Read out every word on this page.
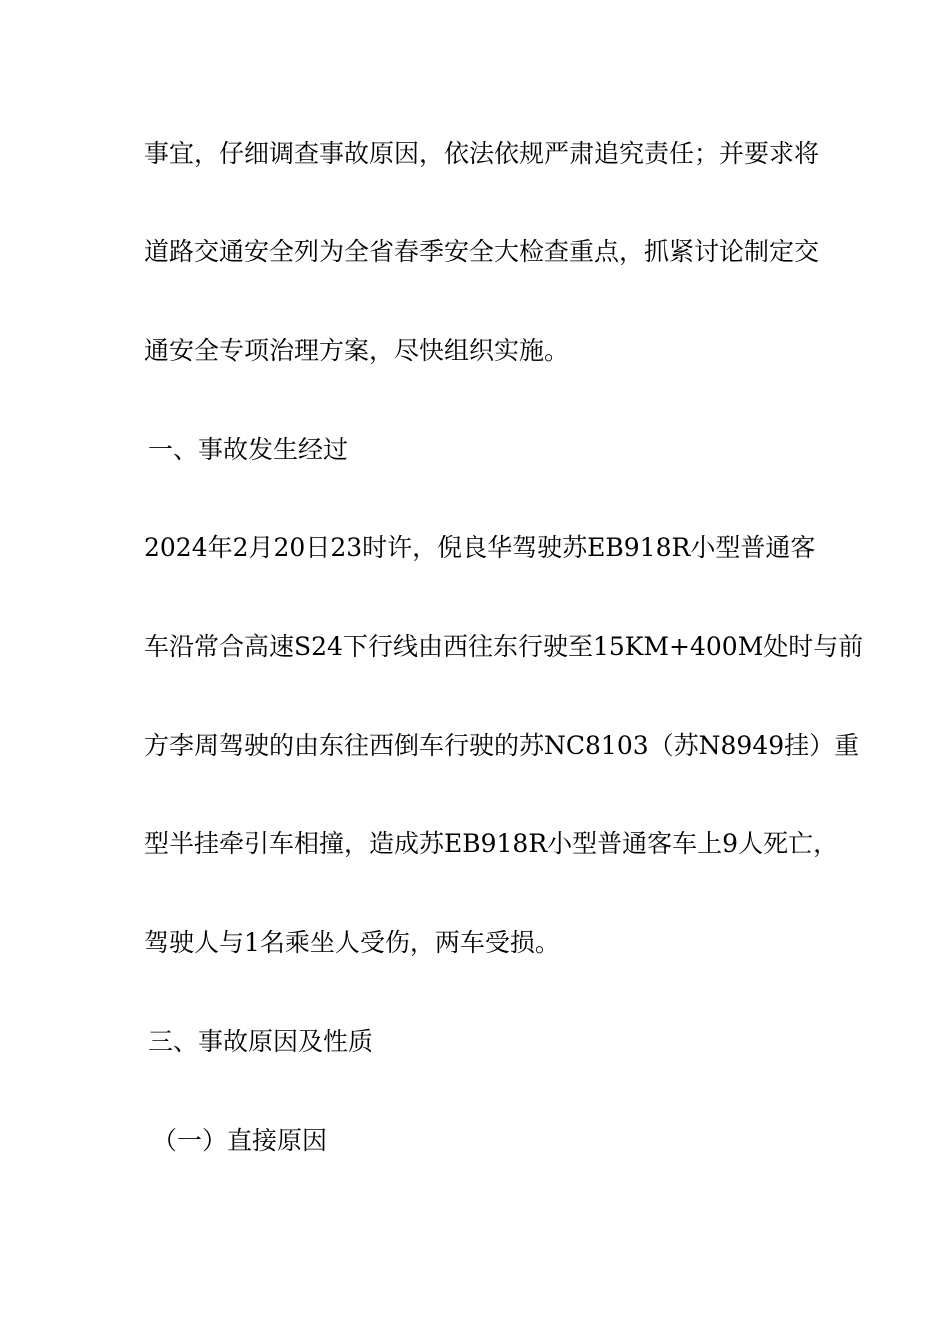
事宜，仔细调查事故原因，依法依规严肃追究责任；并要求将
道路交通安全列为全省春季安全大检查重点，抓紧讨论制定交
通安全专项治理方案，尽快组织实施。
一、事故发生经过
2024年2月20日23时许，倪良华驾驶苏EB918R小型普通客
车沿常合高速S24下行线由西往东行驶至15KM+400M处时与前
方李周驾驶的由东往西倒车行驶的苏NC8103（苏N8949挂）重
型半挂牵引车相撞，造成苏EB918R小型普通客车上9人死亡，
驾驶人与1名乘坐人受伤，两车受损。
三、事故原因及性质
（一）直接原因
